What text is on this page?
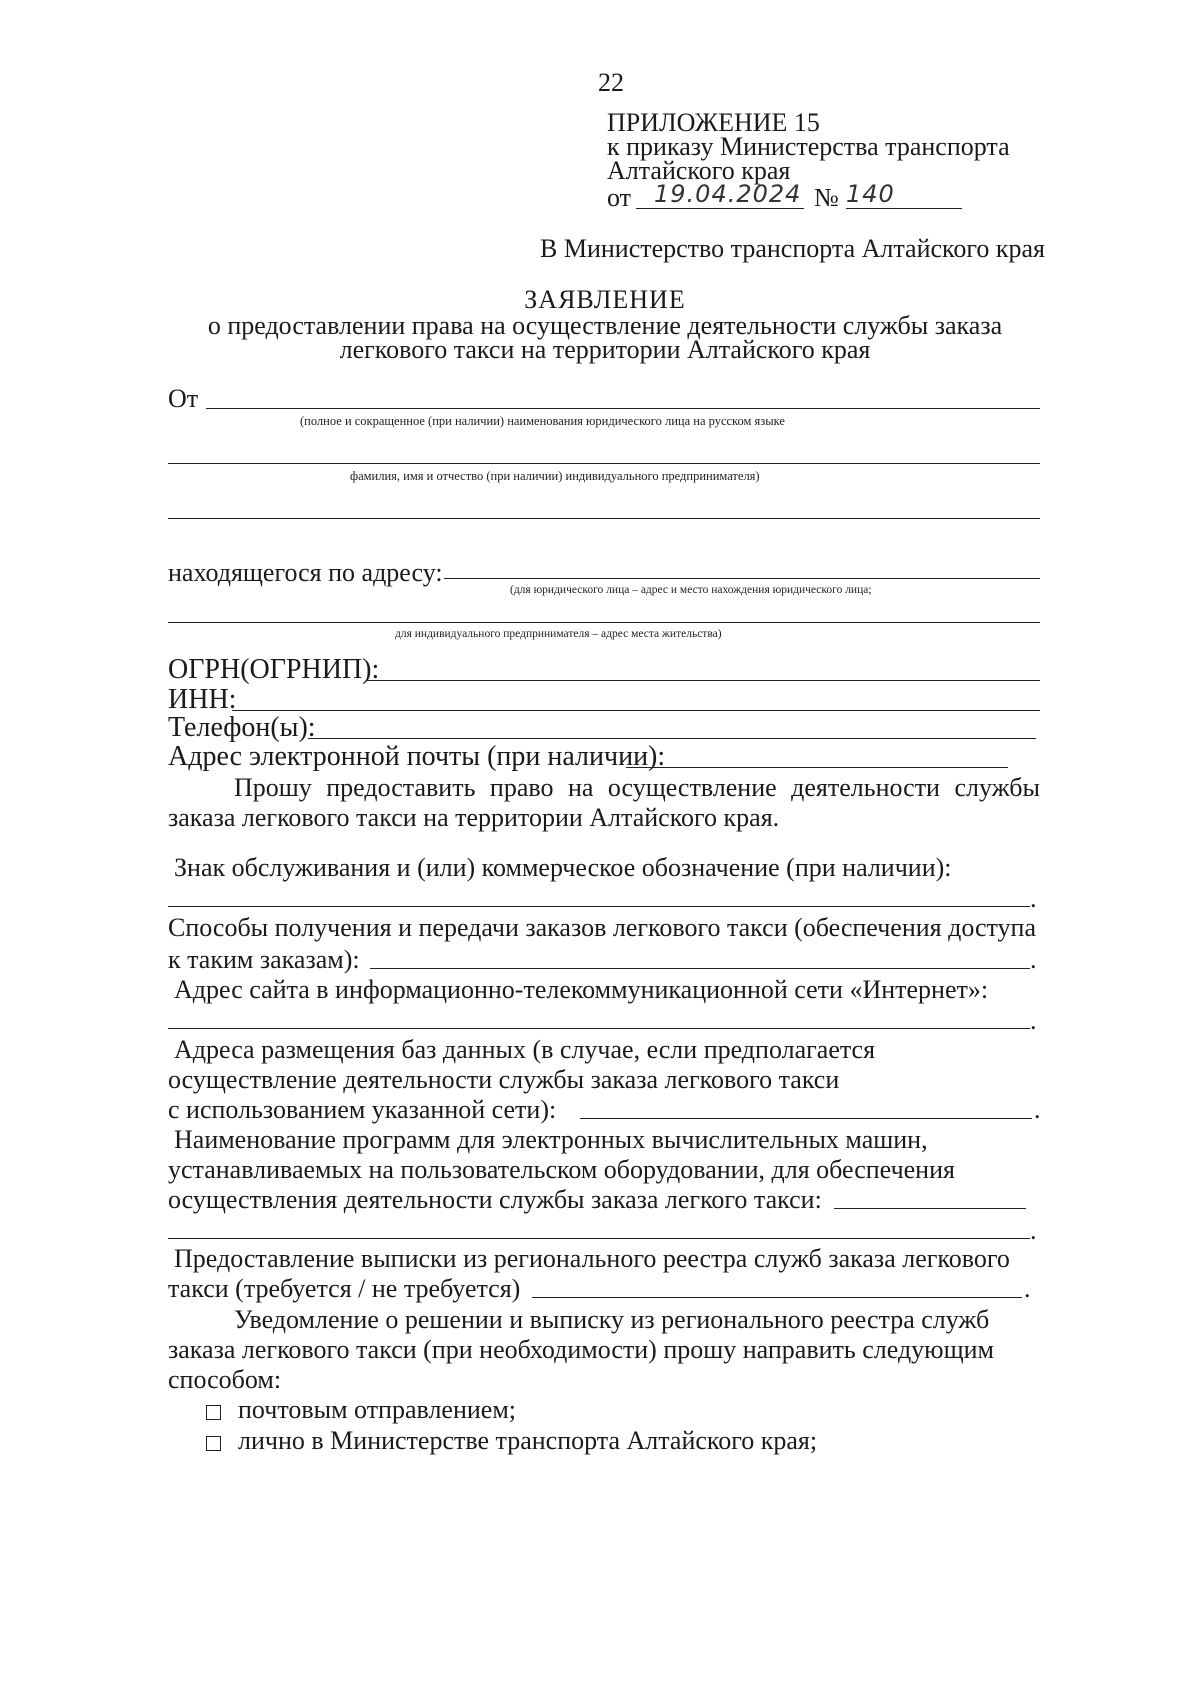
22
ПРИЛОЖЕНИЕ 15
к приказу Министерства транспорта
Алтайского края
от 19.04.2024 № 140
В Министерство транспорта Алтайского края
ЗАЯВЛЕНИЕ
о предоставлении права на осуществление деятельности службы заказа
легкового такси на территории Алтайского края
От
(полное и сокращенное (при наличии) наименования юридического лица на русском языке
фамилия, имя и отчество (при наличии) индивидуального предпринимателя)
находящегося по адресу:
(для юридического лица – адрес и место нахождения юридического лица;
для индивидуального предпринимателя – адрес места жительства)
ОГРН(ОГРНИП):
ИНН:
Телефон(ы):
Адрес электронной почты (при наличии):
Прошу предоставить право на осуществление деятельности службы
заказа легкового такси на территории Алтайского края.
Знак обслуживания и (или) коммерческое обозначение (при наличии):
.
Способы получения и передачи заказов легкового такси (обеспечения доступа
к таким заказам):	.
Адрес сайта в информационно-телекоммуникационной сети «Интернет»:
.
Адреса размещения баз данных (в случае, если предполагается
осуществление деятельности службы заказа легкового такси
с использованием указанной сети):	.
Наименование программ для электронных вычислительных машин,
устанавливаемых на пользовательском оборудовании, для обеспечения
осуществления деятельности службы заказа легкого такси:
.
Предоставление выписки из регионального реестра служб заказа легкового
такси (требуется / не требуется)	.
Уведомление о решении и выписку из регионального реестра служб
заказа легкового такси (при необходимости) прошу направить следующим
способом:
почтовым отправлением;
лично в Министерстве транспорта Алтайского края;
